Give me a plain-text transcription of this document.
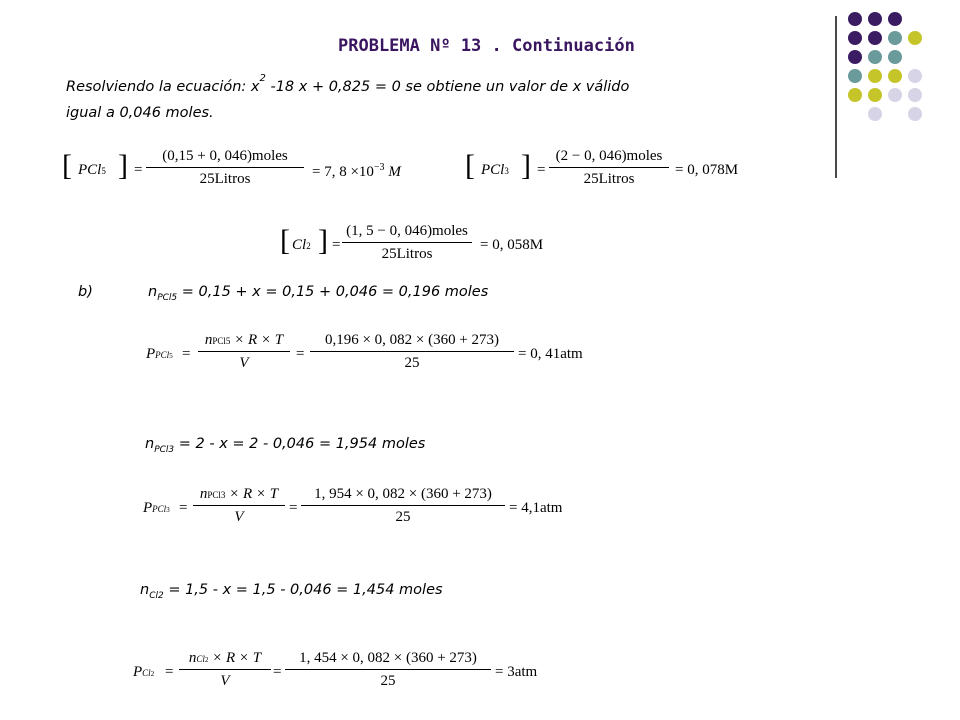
PROBLEMA Nº 13 . Continuación
Resolviendo la ecuación: $x^2$ -18 x + 0,825 = 0 se obtiene un valor de x válido
igual a 0,046 moles.
[ PCl5 ] =
(0,15 + 0, 046)moles
25Litros	= 7, $8 \times 10^{-3}$ M [ PCl3 ] =
(2 − 0, 046)moles
25Litros
= 0, 078M
[ Cl2 ] =
(1, 5 − 0, 046)moles
25Litros
= 0, 058M
b)	$n_{PCl5} = 0,15 + x = 0,15 + 0,046 = 0,196$ moles
PPCl5 =
nPCl5 × R × T
V
= $\frac{0,196 \times 0, 082 \times (360 + 273)}{25} = 0$, 41atm
$n_{PCl3} = 2 - x = 2 - 0,046 = 1,954$ moles
PPCl3 =
nPCl3 × R × T
V
= $\frac{1, 954 \times 0, 082 \times (360 + 273)}{25} = 4,1atm$
$n_{Cl2} = 1,5 - x = 1,5 - 0,046 = 1,454$ moles
PCl2 =
nCl2 × R × T
V
= $\frac{1, 454 \times 0, 082 \times (360 + 273)}{25} = 3atm$
